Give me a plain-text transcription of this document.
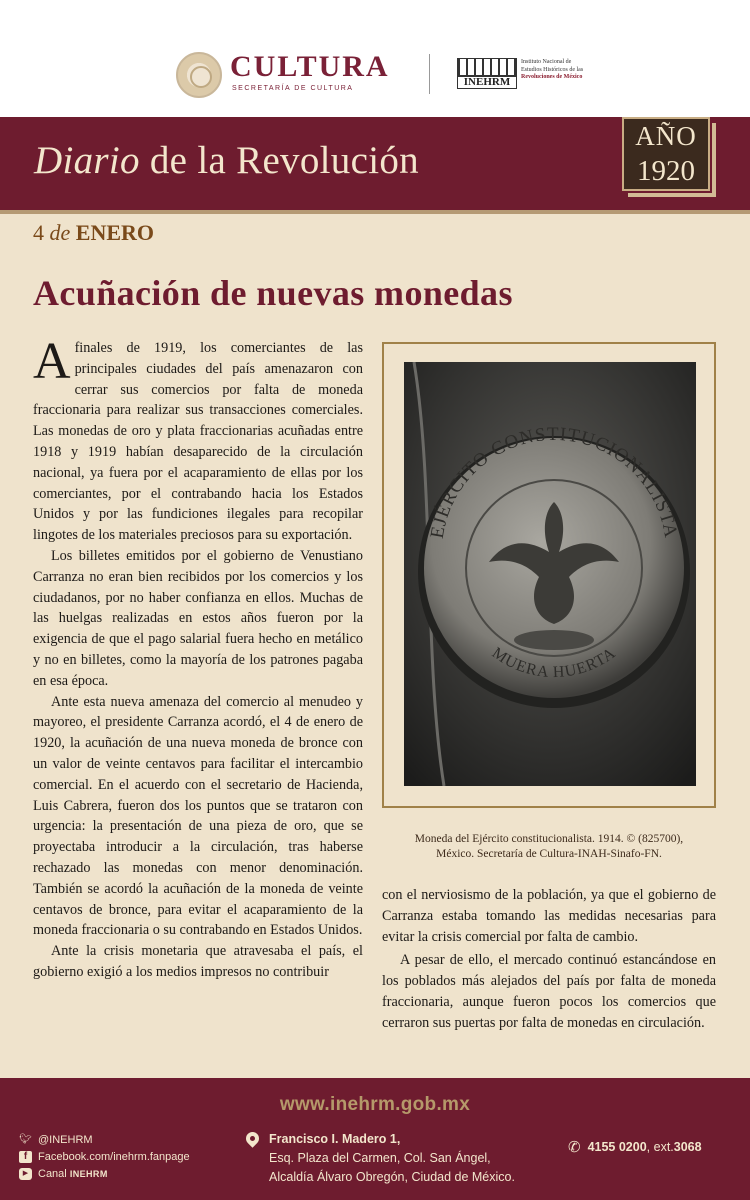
CULTURA
SECRETARÍA DE CULTURA
INEHRM
Instituto Nacional de
Estudios Históricos de las
Revoluciones de México
Diario de la Revolución
AÑO
1920
4 de ENERO
Acuñación de nuevas monedas

Afinales de 1919, los comerciantes de las principales ciudades del país amenazaron con cerrar sus comercios por falta de moneda fraccionaria para realizar sus transacciones comerciales. Las monedas de oro y plata fraccionarias acuñadas entre 1918 y 1919 habían desaparecido de la circulación nacional, ya fuera por el acaparamiento de ellas por los comerciantes, por el contrabando hacia los Estados Unidos y por las fundiciones ilegales para recopilar lingotes de los materiales preciosos para su exportación.

Los billetes emitidos por el gobierno de Venustiano Carranza no eran bien recibidos por los comercios y los ciudadanos, por no haber confianza en ellos. Muchas de las huelgas realizadas en estos años fueron por la exigencia de que el pago salarial fuera hecho en metálico y no en billetes, como la mayoría de los patrones pagaba en esa época.

Ante esta nueva amenaza del comercio al menudeo y mayoreo, el presidente Carranza acordó, el 4 de enero de 1920, la acuñación de una nueva moneda de bronce con un valor de veinte centavos para facilitar el intercambio comercial. En el acuerdo con el secretario de Hacienda, Luis Cabrera, fueron dos los puntos que se trataron con urgencia: la presentación de una pieza de oro, que se proyectaba introducir a la circulación, tras haberse rechazado las monedas con menor denominación. También se acordó la acuñación de la moneda de veinte centavos de bronce, para evitar el acaparamiento de la moneda fraccionaria o su contrabando en Estados Unidos.

Ante la crisis monetaria que atravesaba el país, el gobierno exigió a los medios impresos no contribuir

EJÉRCITO CONSTITUCIONALISTA
MUERA HUERTA
Moneda del Ejército constitucionalista. 1914. © (825700),
México. Secretaría de Cultura-INAH-Sinafo-FN.

con el nerviosismo de la población, ya que el gobierno de Carranza estaba tomando las medidas necesarias para evitar la crisis comercial por falta de cambio.

A pesar de ello, el mercado continuó estancándose en los poblados más alejados del país por falta de moneda fraccionaria, aunque fueron pocos los comercios que cerraron sus puertas por falta de monedas en circulación.

www.inehrm.gob.mx
🐦︎ @INEHRM
f Facebook.com/inehrm.fanpage
▶ Canal
INEHRM
Francisco I. Madero 1,
Esq. Plaza del Carmen, Col. San Ángel,
Alcaldía Álvaro Obregón, Ciudad de México.
✆ 4155 0200 , ext. 3068
